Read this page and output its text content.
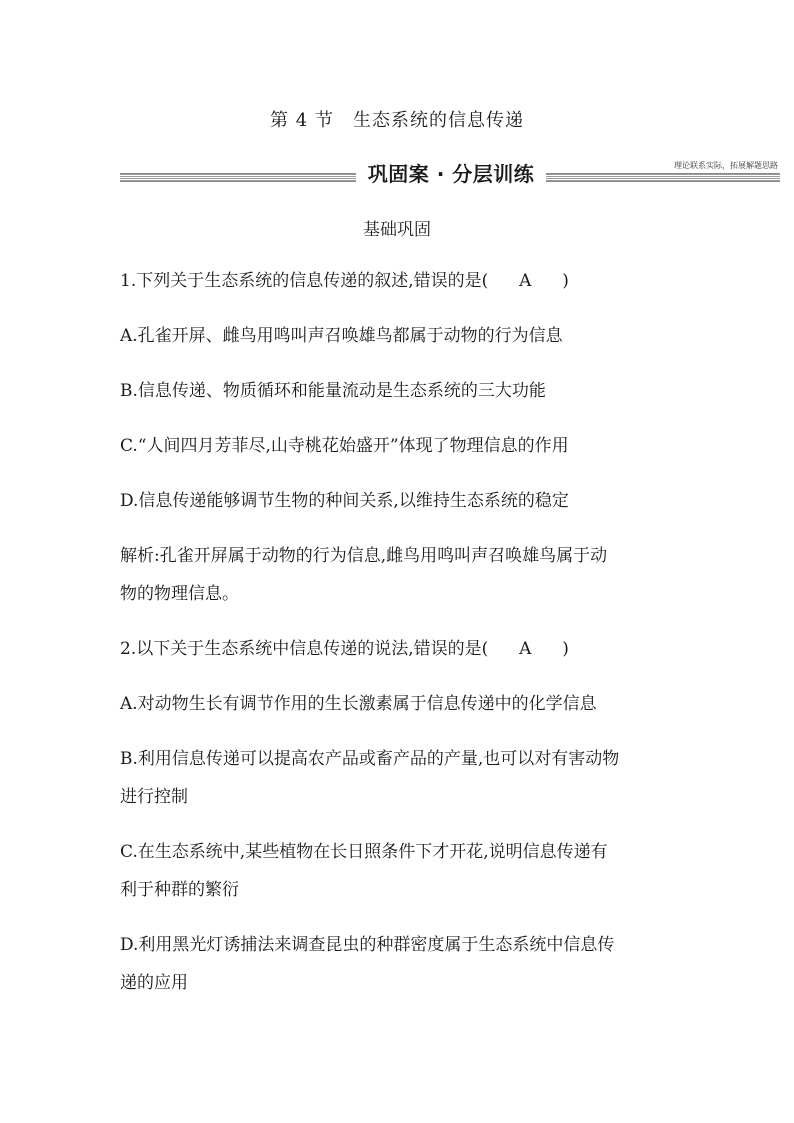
第 4 节　生态系统的信息传递
巩固案 · 分层训练	理论联系实际，拓展解题思路
基础巩固
1.下列关于生态系统的信息传递的叙述,错误的是( A )
A.孔雀开屏、雌鸟用鸣叫声召唤雄鸟都属于动物的行为信息
B.信息传递、物质循环和能量流动是生态系统的三大功能
C.“人间四月芳菲尽,山寺桃花始盛开”体现了物理信息的作用
D.信息传递能够调节生物的种间关系,以维持生态系统的稳定
解析:孔雀开屏属于动物的行为信息,雌鸟用鸣叫声召唤雄鸟属于动
物的物理信息。
2.以下关于生态系统中信息传递的说法,错误的是( A )
A.对动物生长有调节作用的生长激素属于信息传递中的化学信息
B.利用信息传递可以提高农产品或畜产品的产量,也可以对有害动物
进行控制
C.在生态系统中,某些植物在长日照条件下才开花,说明信息传递有
利于种群的繁衍
D.利用黑光灯诱捕法来调查昆虫的种群密度属于生态系统中信息传
递的应用
